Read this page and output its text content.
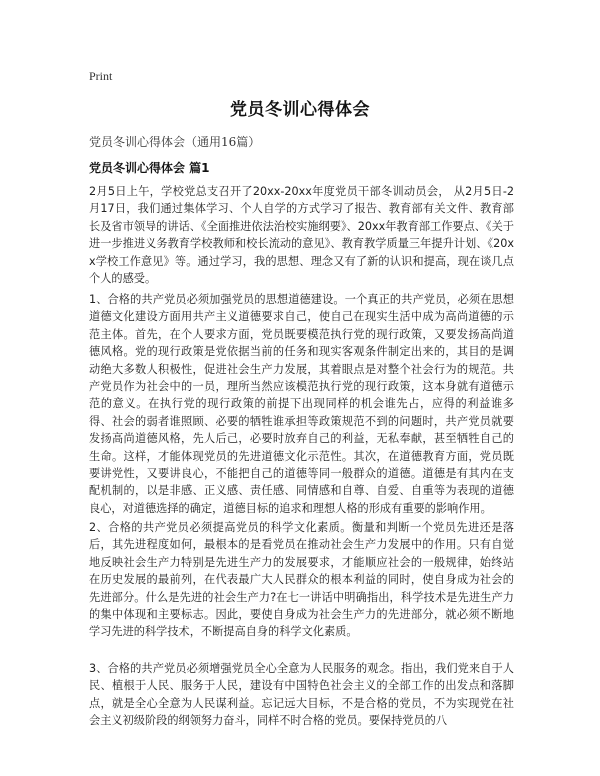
Print
党员冬训心得体会
党员冬训心得体会（通用16篇）
党员冬训心得体会 篇1

2月5日上午，学校党总支召开了20xx-20xx年度党员干部冬训动员会， 从2月5日-2月17日，我们通过集体学习、个人自学的方式学习了报告、教育部有关文件、教育部长及省市领导的讲话、《全面推进依法治校实施纲要》、20xx年教育部工作要点、《关于进一步推进义务教育学校教师和校长流动的意见》、教育教学质量三年提升计划、《20xx学校工作意见》等。通过学习，我的思想、理念又有了新的认识和提高，现在谈几点个人的感受。

1、合格的共产党员必须加强党员的思想道德建设。一个真正的共产党员，必须在思想道德文化建设方面用共产主义道德要求自己，使自己在现实生活中成为高尚道德的示范主体。首先，在个人要求方面，党员既要模范执行党的现行政策，又要发扬高尚道德风格。党的现行政策是党依据当前的任务和现实客观条件制定出来的，其目的是调动绝大多数人积极性，促进社会生产力发展，其着眼点是对整个社会行为的规范。共产党员作为社会中的一员，理所当然应该模范执行党的现行政策，这本身就有道德示范的意义。在执行党的现行政策的前提下出现同样的机会谁先占，应得的利益谁多得、社会的弱者谁照顾、必要的牺牲谁承担等政策规范不到的问题时，共产党员就要发扬高尚道德风格，先人后己，必要时放弃自己的利益，无私奉献，甚至牺牲自己的生命。这样，才能体现党员的先进道德文化示范性。其次，在道德教育方面，党员既要讲党性，又要讲良心，不能把自己的道德等同一般群众的道德。道德是有其内在支配机制的，以是非感、正义感、责任感、同情感和自尊、自爱、自重等为表现的道德良心，对道德选择的确定，道德目标的追求和理想人格的形成有重要的影响作用。

2、合格的共产党员必须提高党员的科学文化素质。衡量和判断一个党员先进还是落后，其先进程度如何，最根本的是看党员在推动社会生产力发展中的作用。只有自觉地反映社会生产力特别是先进生产力的发展要求，才能顺应社会的一般规律，始终站在历史发展的最前列，在代表最广大人民群众的根本利益的同时，使自身成为社会的先进部分。什么是先进的社会生产力?在七一讲话中明确指出，科学技术是先进生产力的集中体现和主要标志。因此，要使自身成为社会生产力的先进部分，就必须不断地学习先进的科学技术，不断提高自身的科学文化素质。

3、合格的共产党员必须增强党员全心全意为人民服务的观念。指出，我们党来自于人民、植根于人民、服务于人民，建设有中国特色社会主义的全部工作的出发点和落脚点，就是全心全意为人民谋利益。忘记远大目标，不是合格的党员，不为实现党在社会主义初级阶段的纲领努力奋斗，同样不时合格的党员。要保持党员的八
